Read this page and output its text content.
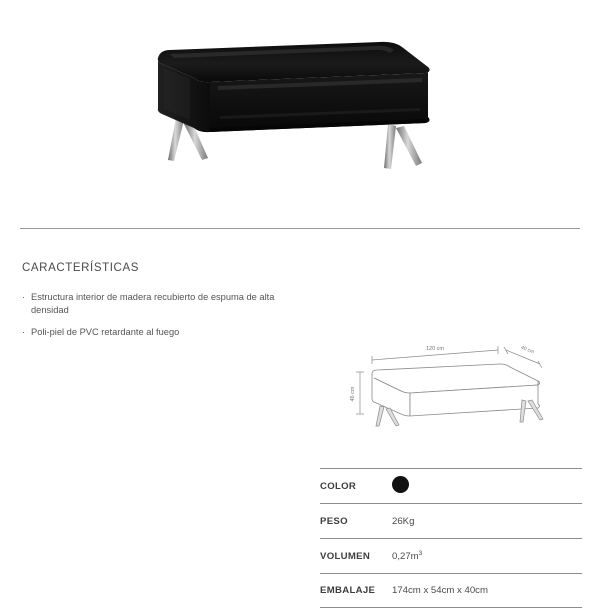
CARACTERÍSTICAS
· Estructura interior de madera recubierto de espuma de alta densidad
· Poli-piel de PVC retardante al fuego
120 cm	40 cm
46 cm
COLOR
PESO	26Kg
VOLUMEN	$0,27m^3$
EMBALAJE	174cm x 54cm x 40cm
